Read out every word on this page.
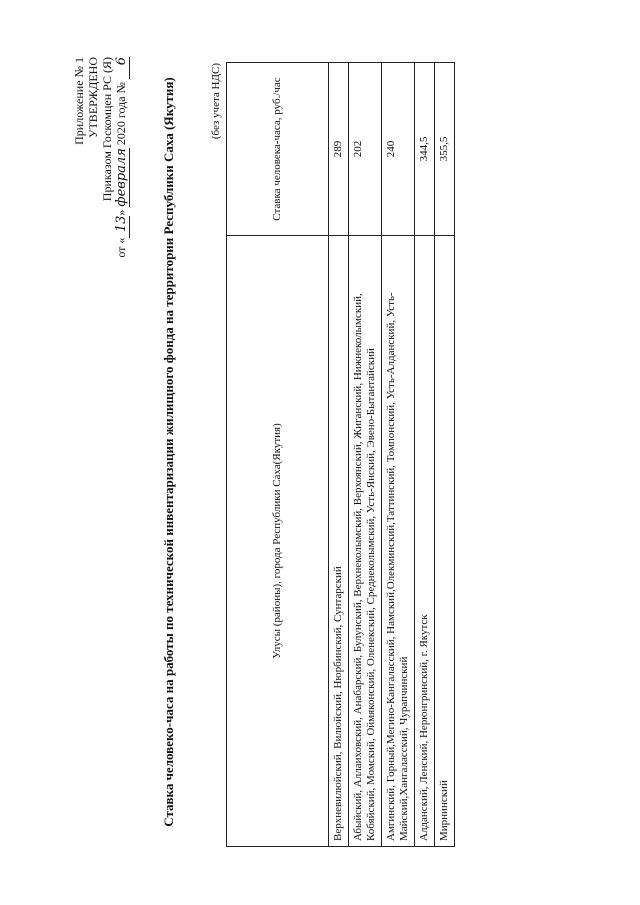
Приложение № 1 УТВЕРЖДЕНО Приказом Госкомцен РС (Я)
от «13» февраля 2020 года № 6
Ставка человеко-часа на работы по технической инвентаризации жилищного фонда на территории Республики Саха (Якутия)	(без учета НДС)
Улусы (районы), города Республики Саха(Якутия)	Ставка человека-часа, руб./час
Верхневилюйский, Вилюйский, Нюрбинский, Сунтарский	289
Абыйский, Аллаиховский, Анабарский, Булунский, Верхнеколымский, Верхоянский, Жиганский, Нижнеколымский, Кобяйский, Момский, Оймяконский, Оленекский, Среднеколымский, Усть-Янский, Эвено-Бытантайский	202
Амгинский, Горный,Мегино-Кангаласский, Намский,Олекминский,Таттинский, Томпонский, Усть-Алданский, Усть-Майский,Хангаласский, Чурапчинский	240
Алданский, Ленский, Нерюнгринский, г. Якутск	344,5
Мирнинский	355,5
